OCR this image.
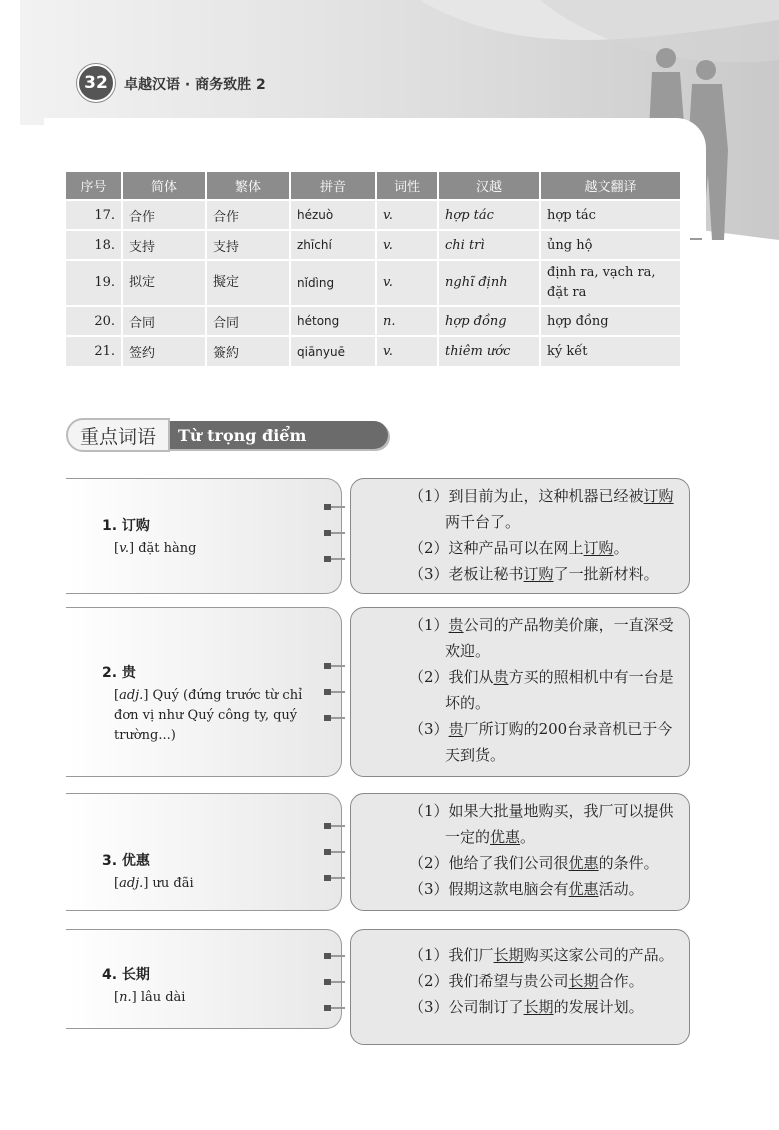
32	卓越汉语 · 商务致胜 2
序号	简体	繁体	拼音	词性	汉越	越文翻译
17.	合作	合作	hézuò	v.	hợp tác	hợp tác
18.	支持	支持	zhīchí	v.	chi trì	ủng hộ
19.	拟定	擬定	nǐdìng	v.	nghĩ định	định ra, vạch ra, đặt ra
20.	合同	合同	hétong	n.	hợp đồng	hợp đồng
21.	签约	簽約	qiānyuē	v.	thiêm ước	ký kết
重点词语	Từ trọng điểm
1. 订购
[v.] đặt hàng
（1）到目前为止，这种机器已经被订购两千台了。
（2）这种产品可以在网上订购。
（3）老板让秘书订购了一批新材料。
2. 贵
[adj.] Quý (đứng trước từ chỉ đơn vị như Quý công ty, quý trường...)
（1）贵公司的产品物美价廉，一直深受欢迎。
（2）我们从贵方买的照相机中有一台是坏的。
（3）贵厂所订购的200台录音机已于今天到货。
3. 优惠
[adj.] ưu đãi
（1）如果大批量地购买，我厂可以提供一定的优惠。
（2）他给了我们公司很优惠的条件。
（3）假期这款电脑会有优惠活动。
4. 长期
[n.] lâu dài
（1）我们厂长期购买这家公司的产品。
（2）我们希望与贵公司长期合作。
（3）公司制订了长期的发展计划。
